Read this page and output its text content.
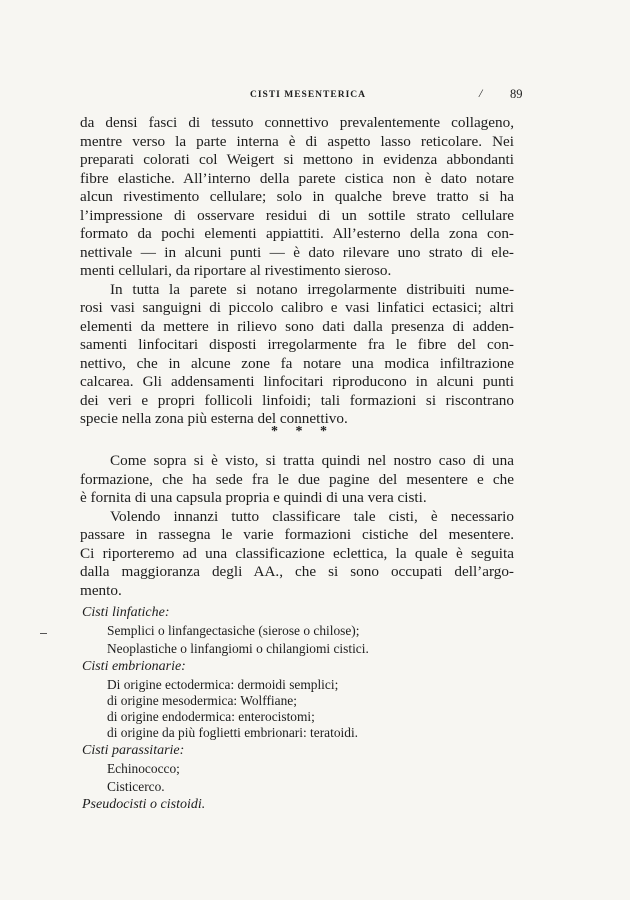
CISTI MESENTERICA	/ 89
da densi fasci di tessuto connettivo prevalentemente collageno,
mentre verso la parte interna è di aspetto lasso reticolare. Nei
preparati colorati col Weigert si mettono in evidenza abbondanti
fibre elastiche. All’interno della parete cistica non è dato notare
alcun rivestimento cellulare; solo in qualche breve tratto si ha
l’impressione di osservare residui di un sottile strato cellulare
formato da pochi elementi appiattiti. All’esterno della zona con-
nettivale — in alcuni punti — è dato rilevare uno strato di ele-
menti cellulari, da riportare al rivestimento sieroso.
In tutta la parete si notano irregolarmente distribuiti nume-
rosi vasi sanguigni di piccolo calibro e vasi linfatici ectasici; altri
elementi da mettere in rilievo sono dati dalla presenza di adden-
samenti linfocitari disposti irregolarmente fra le fibre del con-
nettivo, che in alcune zone fa notare una modica infiltrazione
calcarea. Gli addensamenti linfocitari riproducono in alcuni punti
dei veri e propri follicoli linfoidi; tali formazioni si riscontrano
specie nella zona più esterna del connettivo.
* * *
Come sopra si è visto, si tratta quindi nel nostro caso di una
formazione, che ha sede fra le due pagine del mesentere e che
è fornita di una capsula propria e quindi di una vera cisti.
Volendo innanzi tutto classificare tale cisti, è necessario
passare in rassegna le varie formazioni cistiche del mesentere.
Ci riporteremo ad una classificazione eclettica, la quale è seguita
dalla maggioranza degli AA., che si sono occupati dell’argo-
mento.
Cisti linfatiche:
Semplici o linfangectasiche (sierose o chilose);
Neoplastiche o linfangiomi o chilangiomi cistici.
Cisti embrionarie:
Di origine ectodermica: dermoidi semplici;
di origine mesodermica: Wolffiane;
di origine endodermica: enterocistomi;
di origine da più foglietti embrionari: teratoidi.
Cisti parassitarie:
Echinococco;
Cisticerco.
Pseudocisti o cistoidi.
